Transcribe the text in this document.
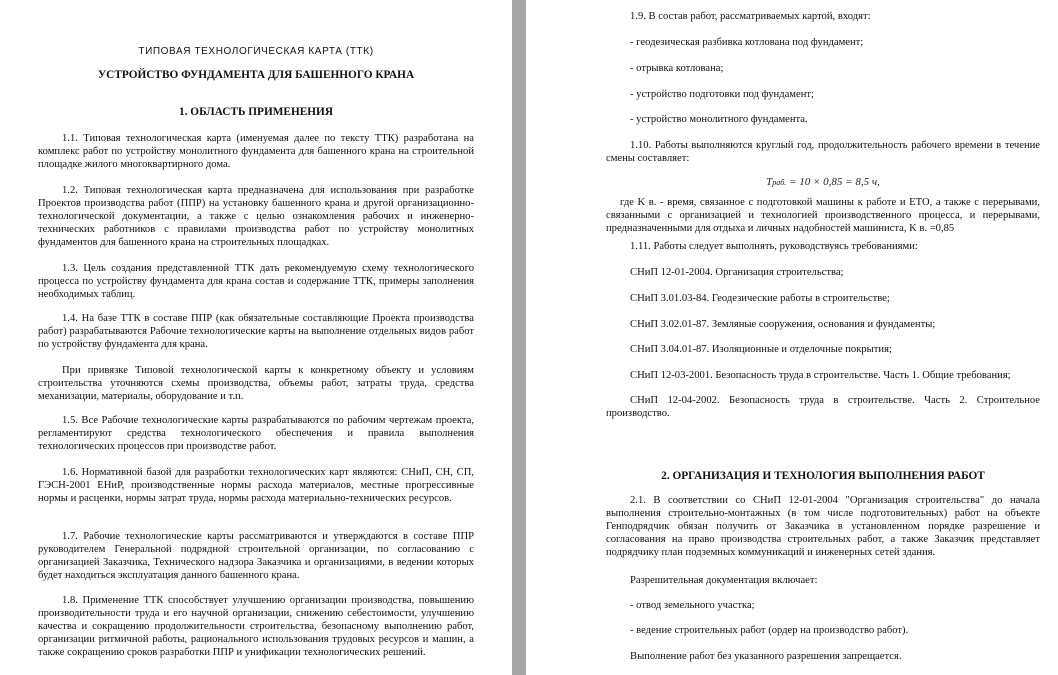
ТИПОВАЯ ТЕХНОЛОГИЧЕСКАЯ КАРТА (ТТК)

УСТРОЙСТВО ФУНДАМЕНТА ДЛЯ БАШЕННОГО КРАНА

1. ОБЛАСТЬ ПРИМЕНЕНИЯ

1.1. Типовая технологическая карта (именуемая далее по тексту ТТК) разработана на комплекс работ по устройству монолитного фундамента для башенного крана на строительной площадке жилого многоквартирного дома.

1.2. Типовая технологическая карта предназначена для использования при разработке Проектов производства работ (ППР) на установку башенного крана и другой организационно-технологической документации, а также с целью ознакомления рабочих и инженерно-технических работников с правилами производства работ по устройству монолитных фундаментов для башенного крана на строительных площадках.

1.3. Цель создания представленной ТТК дать рекомендуемую схему технологического процесса по устройству фундамента для крана состав и содержание ТТК, примеры заполнения необходимых таблиц.

1.4. На базе ТТК в составе ППР (как обязательные составляющие Проекта производства работ) разрабатываются Рабочие технологические карты на выполнение отдельных видов работ по устройству фундамента для крана.

При привязке Типовой технологической карты к конкретному объекту и условиям строительства уточняются схемы производства, объемы работ, затраты труда, средства механизации, материалы, оборудование и т.п.

1.5. Все Рабочие технологические карты разрабатываются по рабочим чертежам проекта, регламентируют средства технологического обеспечения и правила выполнения технологических процессов при производстве работ.

1.6. Нормативной базой для разработки технологических карт являются: СНиП, СН, СП, ГЭСН-2001 ЕНиР, производственные нормы расхода материалов, местные прогрессивные нормы и расценки, нормы затрат труда, нормы расхода материально-технических ресурсов.

1.7. Рабочие технологические карты рассматриваются и утверждаются в составе ППР руководителем Генеральной подрядной строительной организации, по согласованию с организацией Заказчика, Технического надзора Заказчика и организациями, в ведении которых будет находиться эксплуатация данного башенного крана.

1.8. Применение ТТК способствует улучшению организации производства, повышению производительности труда и его научной организации, снижению себестоимости, улучшению качества и сокращению продолжительности строительства, безопасному выполнению работ, организации ритмичной работы, рационального использования трудовых ресурсов и машин, а также сокращению сроков разработки ППР и унификации технологических решений.

1.9. В состав работ, рассматриваемых картой, входят:

- геодезическая разбивка котлована под фундамент;

- отрывка котлована;

- устройство подготовки под фундамент;

- устройство монолитного фундамента.

1.10. Работы выполняются круглый год, продолжительность рабочего времени в течение смены составляет:

Tраб. = 10 × 0,85 = 8,5 ч,

где K в. - время, связанное с подготовкой машины к работе и ЕТО, а также с перерывами, связанными с организацией и технологией производственного процесса, и перерывами, предназначенными для отдыха и личных надобностей машиниста, K в. =0,85

1.11. Работы следует выполнять, руководствуясь требованиями:

СНиП 12-01-2004. Организация строительства;

СНиП 3.01.03-84. Геодезические работы в строительстве;

СНиП 3.02.01-87. Земляные сооружения, основания и фундаменты;

СНиП 3.04.01-87. Изоляционные и отделочные покрытия;

СНиП 12-03-2001. Безопасность труда в строительстве. Часть 1. Общие требования;

СНиП 12-04-2002. Безопасность труда в строительстве. Часть 2. Строительное производство.

2. ОРГАНИЗАЦИЯ И ТЕХНОЛОГИЯ ВЫПОЛНЕНИЯ РАБОТ

2.1. В соответствии со СНиП 12-01-2004 "Организация строительства" до начала выполнения строительно-монтажных (в том числе подготовительных) работ на объекте Генподрядчик обязан получить от Заказчика в установленном порядке разрешение и согласования на право производства строительных работ, а также Заказчик представляет подрядчику план подземных коммуникаций и инженерных сетей здания.

Разрешительная документация включает:

- отвод земельного участка;

- ведение строительных работ (ордер на производство работ).

Выполнение работ без указанного разрешения запрещается.
